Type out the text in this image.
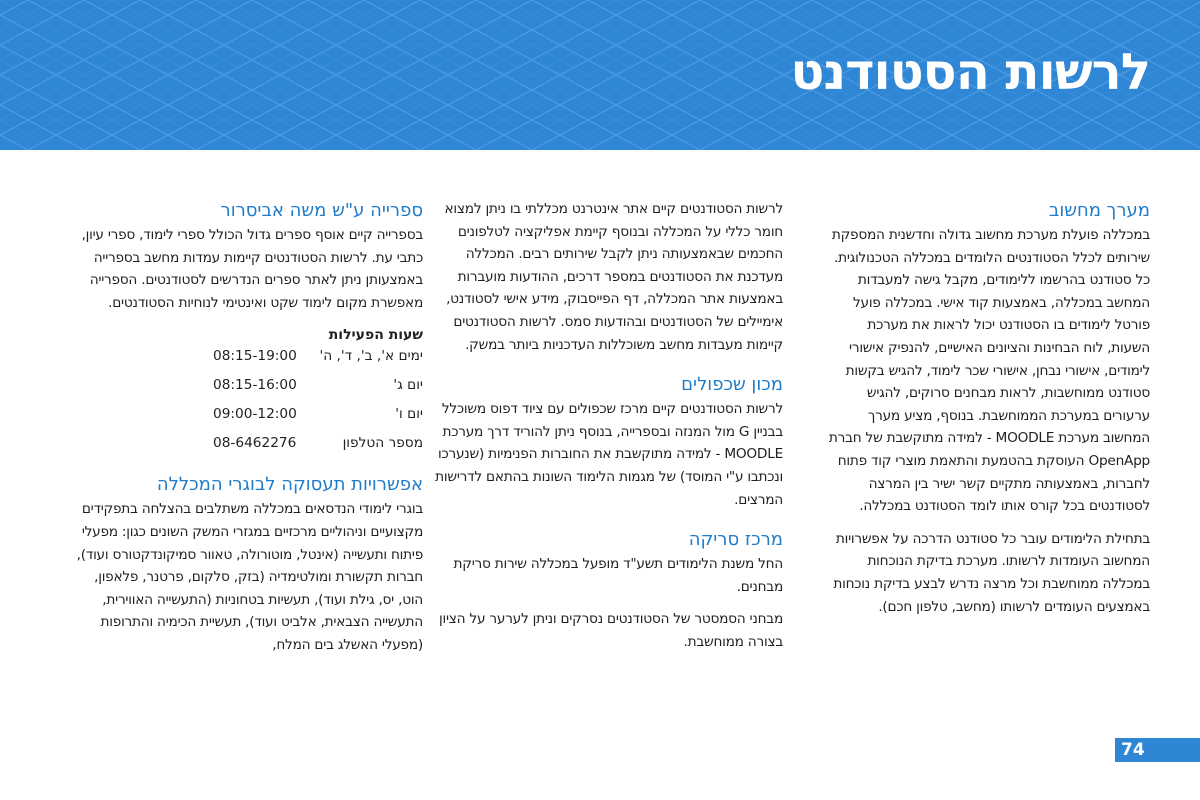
לרשות הסטודנט
מערך מחשוב

במכללה פועלת מערכת מחשוב גדולה וחדשנית המספקת שירותים לכלל הסטודנטים הלומדים במכללה הטכנולוגית. כל סטודנט בהרשמו ללימודים, מקבל גישה למעבדות המחשב במכללה, באמצעות קוד אישי. במכללה פועל פורטל לימודים בו הסטודנט יכול לראות את מערכת השעות, לוח הבחינות והציונים האישיים, להנפיק אישורי לימודים, אישורי נבחן, אישורי שכר לימוד, להגיש בקשות סטודנט ממוחשבות, לראות מבחנים סרוקים, להגיש ערעורים במערכת הממוחשבת. בנוסף, מציע מערך המחשוב מערכת MOODLE - למידה מתוקשבת של חברת OpenApp העוסקת בהטמעת והתאמת מוצרי קוד פתוח לחברות, באמצעותה מתקיים קשר ישיר בין המרצה לסטודנטים בכל קורס אותו לומד הסטודנט במכללה.

בתחילת הלימודים עובר כל סטודנט הדרכה על אפשרויות המחשוב העומדות לרשותו. מערכת בדיקת הנוכחות במכללה ממוחשבת וכל מרצה נדרש לבצע בדיקת נוכחות באמצעים העומדים לרשותו (מחשב, טלפון חכם).

לרשות הסטודנטים קיים אתר אינטרנט מכללתי בו ניתן למצוא חומר כללי על המכללה ובנוסף קיימת אפליקציה לטלפונים החכמים שבאמצעותה ניתן לקבל שירותים רבים. המכללה מעדכנת את הסטודנטים במספר דרכים, ההודעות מועברות באמצעות אתר המכללה, דף הפייסבוק, מידע אישי לסטודנט, אימיילים של הסטודנטים ובהודעות סמס. לרשות הסטודנטים קיימות מעבדות מחשב משוכללות העדכניות ביותר במשק.

מכון שכפולים

לרשות הסטודנטים קיים מרכז שכפולים עם ציוד דפוס משוכלל בבניין G מול המנזה ובספרייה, בנוסף ניתן להוריד דרך מערכת MOODLE - למידה מתוקשבת את החוברות הפנימיות (שנערכו ונכתבו ע"י המוסד) של מגמות הלימוד השונות בהתאם לדרישות המרצים.

מרכז סריקה

החל משנת הלימודים תשע"ד מופעל במכללה שירות סריקת מבחנים.

מבחני הסמסטר של הסטודנטים נסרקים וניתן לערער על הציון בצורה ממוחשבת.

ספרייה ע"ש משה אביסרור

בספרייה קיים אוסף ספרים גדול הכולל ספרי לימוד, ספרי עיון, כתבי עת. לרשות הסטודנטים קיימות עמדות מחשב בספרייה באמצעותן ניתן לאתר ספרים הנדרשים לסטודנטים. הספרייה מאפשרת מקום לימוד שקט ואינטימי לנוחיות הסטודנטים.

שעות הפעילות
ימים א', ב', ד', ה'	08:15-19:00
יום ג'	08:15-16:00
יום ו'	09:00-12:00
מספר הטלפון	08-6462276
אפשרויות תעסוקה לבוגרי המכללה

בוגרי לימודי הנדסאים במכללה משתלבים בהצלחה בתפקידים מקצועיים וניהוליים מרכזיים במגזרי המשק השונים כגון: מפעלי פיתוח ותעשייה (אינטל, מוטורולה, טאוור סמיקונדקטורס ועוד), חברות תקשורת ומולטימדיה (בזק, סלקום, פרטנר, פלאפון, הוט, יס, גילת ועוד), תעשיות בטחוניות (התעשייה האווירית, התעשייה הצבאית, אלביט ועוד), תעשיית הכימיה והתרופות (מפעלי האשלג בים המלח,

74
